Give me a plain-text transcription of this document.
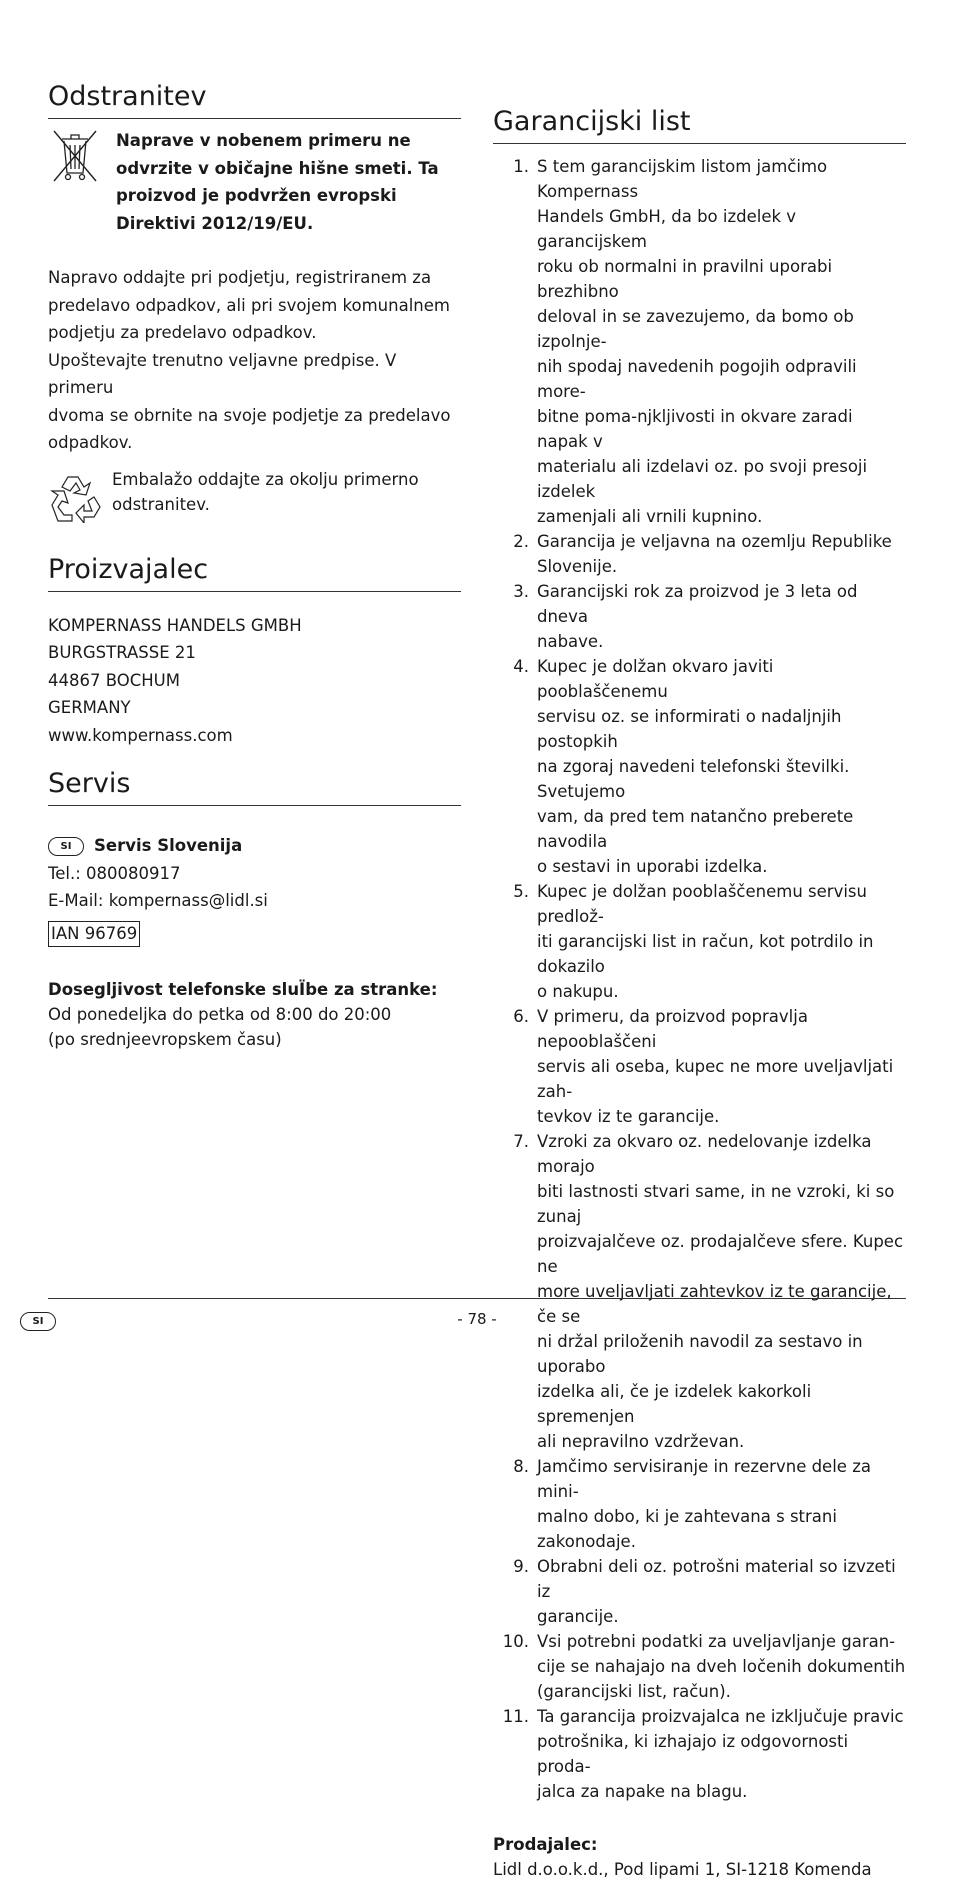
Odstranitev

Naprave v nobenem primeru ne

odvrzite v običajne hišne smeti. Ta

proizvod je podvržen evropski

Direktivi 2012/19/EU.

Napravo oddajte pri podjetju, registriranem za

predelavo odpadkov, ali pri svojem komunalnem

podjetju za predelavo odpadkov.

Upoštevajte trenutno veljavne predpise. V primeru

dvoma se obrnite na svoje podjetje za predelavo

odpadkov.

Embalažo oddajte za okolju primerno

odstranitev.

Proizvajalec

KOMPERNASS HANDELS GMBH

BURGSTRASSE 21

44867 BOCHUM

GERMANY

www.kompernass.com

Servis

SI Servis Slovenija

Tel.: 080080917

E-Mail: kompernass@lidl.si

IAN 96769

Dosegljivost telefonske sluÏbe za stranke:

Od ponedeljka do petka od 8:00 do 20:00

(po srednjeevropskem času)

Garancijski list
1. S tem garancijskim listom jamčimo Kompernass
Handels GmbH, da bo izdelek v garancijskem
roku ob normalni in pravilni uporabi brezhibno
deloval in se zavezujemo, da bomo ob izpolnje-
nih spodaj navedenih pogojih odpravili more-
bitne poma-njkljivosti in okvare zaradi napak v
materialu ali izdelavi oz. po svoji presoji izdelek
zamenjali ali vrnili kupnino.
2. Garancija je veljavna na ozemlju Republike
Slovenije.
3. Garancijski rok za proizvod je 3 leta od dneva
nabave.
4. Kupec je dolžan okvaro javiti pooblaščenemu
servisu oz. se informirati o nadaljnjih postopkih
na zgoraj navedeni telefonski številki. Svetujemo
vam, da pred tem natančno preberete navodila
o sestavi in uporabi izdelka.
5. Kupec je dolžan pooblaščenemu servisu predlož-
iti garancijski list in račun, kot potrdilo in dokazilo
o nakupu.
6. V primeru, da proizvod popravlja nepooblaščeni
servis ali oseba, kupec ne more uveljavljati zah-
tevkov iz te garancije.
7. Vzroki za okvaro oz. nedelovanje izdelka morajo
biti lastnosti stvari same, in ne vzroki, ki so zunaj
proizvajalčeve oz. prodajalčeve sfere. Kupec ne
more uveljavljati zahtevkov iz te garancije, če se
ni držal priloženih navodil za sestavo in uporabo
izdelka ali, če je izdelek kakorkoli spremenjen
ali nepravilno vzdrževan.
8. Jamčimo servisiranje in rezervne dele za mini-
malno dobo, ki je zahtevana s strani zakonodaje.
9. Obrabni deli oz. potrošni material so izvzeti iz
garancije.
10. Vsi potrebni podatki za uveljavljanje garan-
cije se nahajajo na dveh ločenih dokumentih
(garancijski list, račun).
11. Ta garancija proizvajalca ne izključuje pravic
potrošnika, ki izhajajo iz odgovornosti proda-
jalca za napake na blagu.

Prodajalec:

Lidl d.o.o.k.d., Pod lipami 1, SI-1218 Komenda

SI	- 78 -
